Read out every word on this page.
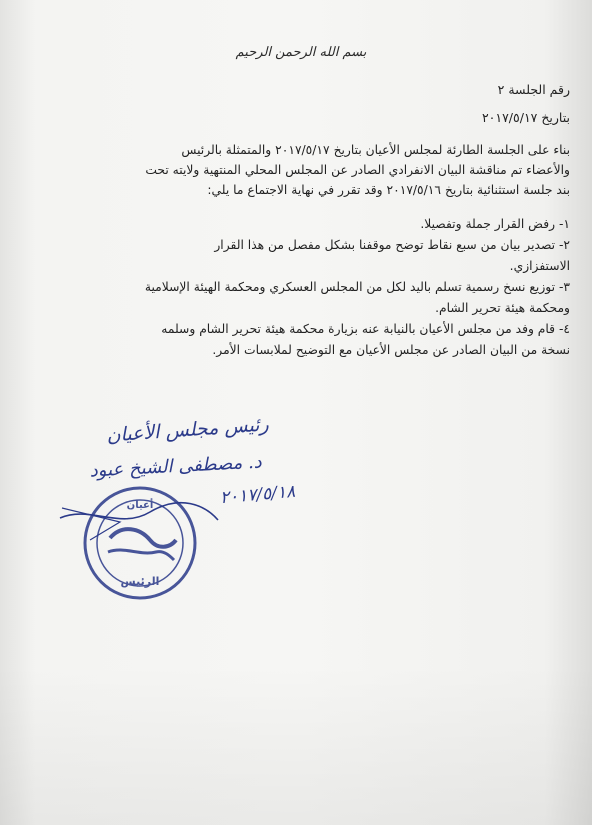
بسم الله الرحمن الرحيم
رقم الجلسة ٢
بتاريخ ٢٠١٧/٥/١٧
بناء على الجلسة الطارئة لمجلس الأعيان بتاريخ ٢٠١٧/٥/١٧ والمتمثلة بالرئيس
والأعضاء تم مناقشة البيان الانفرادي الصادر عن المجلس المحلي المنتهية ولايته تحت
بند جلسة استثنائية بتاريخ ٢٠١٧/٥/١٦ وقد تقرر في نهاية الاجتماع ما يلي:
١- رفض القرار جملة وتفصيلا.
٢- تصدير بيان من سبع نقاط توضح موقفنا بشكل مفصل من هذا القرار
الاستفزازي.
٣- توزيع نسخ رسمية تسلم باليد لكل من المجلس العسكري ومحكمة الهيئة الإسلامية
ومحكمة هيئة تحرير الشام.
٤- قام وفد من مجلس الأعيان بالنيابة عنه بزيارة محكمة هيئة تحرير الشام وسلمه
نسخة من البيان الصادر عن مجلس الأعيان مع التوضيح لملابسات الأمر.
رئيس مجلس الأعيان
د. مصطفى الشيخ عبود
٢٠١٧/٥/١٨
أعيان
الرئيس
